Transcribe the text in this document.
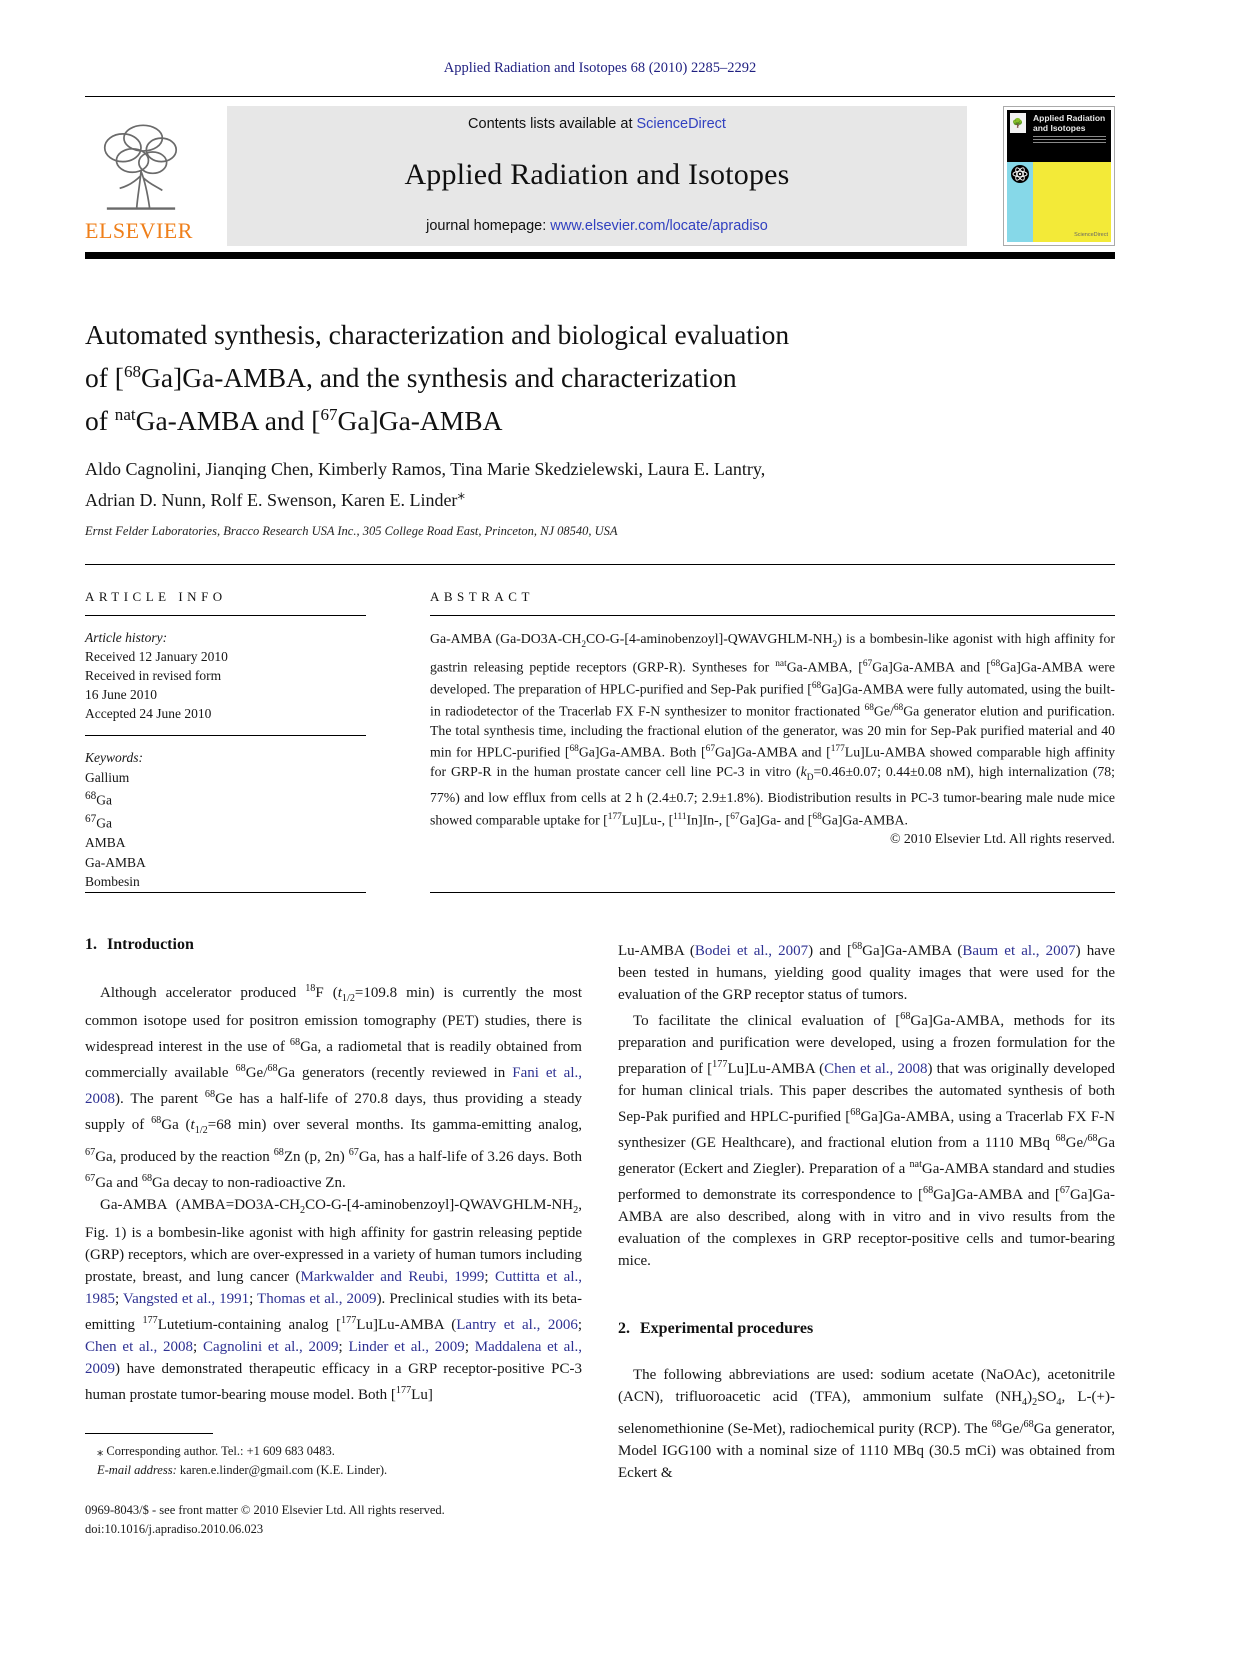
Applied Radiation and Isotopes 68 (2010) 2285–2292
ELSEVIER
Contents lists available at ScienceDirect
Applied Radiation and Isotopes
journal homepage: www.elsevier.com/locate/apradiso
🌳 Applied Radiation and Isotopes
ScienceDirect
Automated synthesis, characterization and biological evaluation
of [$^{68}$Ga]Ga-AMBA, and the synthesis and characterization
of $^{nat}$Ga-AMBA and [$^{67}$Ga]Ga-AMBA
Aldo Cagnolini, Jianqing Chen, Kimberly Ramos, Tina Marie Skedzielewski, Laura E. Lantry,
Adrian D. Nunn, Rolf E. Swenson, Karen E. Linder⁎
Ernst Felder Laboratories, Bracco Research USA Inc., 305 College Road East, Princeton, NJ 08540, USA
ARTICLE INFO
Article history:
Received 12 January 2010
Received in revised form
16 June 2010
Accepted 24 June 2010
Keywords:
Gallium
$^{68}$Ga
$^{67}$Ga
AMBA
Ga-AMBA
Bombesin
ABSTRACT
Ga-AMBA $(Ga-DO3A-CH_2CO-G-[4-aminobenzoyl]-QWAVGHLM-NH_2)$ is a bombesin-like agonist with high affinity for gastrin releasing peptide receptors (GRP-R). Syntheses for $^{nat}$Ga-AMBA, [$^{67}$Ga]Ga-AMBA and [$^{68}$Ga]Ga-AMBA were developed. The preparation of HPLC-purified and Sep-Pak purified [$^{68}$Ga]Ga-AMBA were fully automated, using the built-in radiodetector of the Tracerlab FX F-N synthesizer to monitor fractionated $^{68}$Ge/$^{68}$Ga generator elution and purification. The total synthesis time, including the fractional elution of the generator, was 20 min for Sep-Pak purified material and 40 min for HPLC-purified [$^{68}$Ga]Ga-AMBA. Both [$^{67}$Ga]Ga-AMBA and [$^{177}$Lu]Lu-AMBA showed comparable high affinity for GRP-R in the human prostate cancer cell line PC-3 in vitro ($k_D=0.46\pm 0.07$; 0.44±0.08 nM), high internalization (78; 77%) and low efflux from cells at 2 h (2.4±0.7; 2.9±1.8%). Biodistribution results in PC-3 tumor-bearing male nude mice showed comparable uptake for [$^{177}$Lu]Lu-, [$^{111}$In]In-, [$^{67}$Ga]Ga- and [$^{68}$Ga]Ga-AMBA.
© 2010 Elsevier Ltd. All rights reserved.
1. Introduction

Although accelerator produced $^{18}$F ($t_{1/2}=109.8$ min) is currently the most common isotope used for positron emission tomography (PET) studies, there is widespread interest in the use of $^{68}$Ga, a radiometal that is readily obtained from commercially available $^{68}$Ge/$^{68}$Ga generators (recently reviewed in Fani et al., 2008). The parent $^{68}$Ge has a half-life of 270.8 days, thus providing a steady supply of $^{68}$Ga ($t_{1/2}=68$ min) over several months. Its gamma-emitting analog, $^{67}$Ga, produced by the reaction $^{68}$Zn (p, 2n) $^{67}$Ga, has a half-life of 3.26 days. Both $^{67}$Ga and $^{68}$Ga decay to non-radioactive Zn.

Ga-AMBA ($AMBA=DO3A-CH_2CO-G-[4-aminobenzoyl]-QWAVGHLM-NH_2$, Fig. 1) is a bombesin-like agonist with high affinity for gastrin releasing peptide (GRP) receptors, which are over-expressed in a variety of human tumors including prostate, breast, and lung cancer (Markwalder and Reubi, 1999; Cuttitta et al., 1985; Vangsted et al., 1991; Thomas et al., 2009). Preclinical studies with its beta-emitting $^{177}$Lutetium-containing analog [$^{177}$Lu]Lu-AMBA (Lantry et al., 2006; Chen et al., 2008; Cagnolini et al., 2009; Linder et al., 2009; Maddalena et al., 2009) have demonstrated therapeutic efficacy in a GRP receptor-positive PC-3 human prostate tumor-bearing mouse model. Both [$^{177}$Lu]

⁎ Corresponding author. Tel.: +1 609 683 0483.
E-mail address: karen.e.linder@gmail.com (K.E. Linder).
0969-8043/$ - see front matter © 2010 Elsevier Ltd. All rights reserved.
doi:10.1016/j.apradiso.2010.06.023

Lu-AMBA (Bodei et al., 2007) and [$^{68}$Ga]Ga-AMBA (Baum et al., 2007) have been tested in humans, yielding good quality images that were used for the evaluation of the GRP receptor status of tumors.

To facilitate the clinical evaluation of [$^{68}$Ga]Ga-AMBA, methods for its preparation and purification were developed, using a frozen formulation for the preparation of [$^{177}$Lu]Lu-AMBA (Chen et al., 2008) that was originally developed for human clinical trials. This paper describes the automated synthesis of both Sep-Pak purified and HPLC-purified [$^{68}$Ga]Ga-AMBA, using a Tracerlab FX F-N synthesizer (GE Healthcare), and fractional elution from a 1110 MBq $^{68}$Ge/$^{68}$Ga generator (Eckert and Ziegler). Preparation of a $^{nat}$Ga-AMBA standard and studies performed to demonstrate its correspondence to [$^{68}$Ga]Ga-AMBA and [$^{67}$Ga]Ga-AMBA are also described, along with in vitro and in vivo results from the evaluation of the complexes in GRP receptor-positive cells and tumor-bearing mice.

2. Experimental procedures

The following abbreviations are used: sodium acetate (NaOAc), acetonitrile (ACN), trifluoroacetic acid (TFA), ammonium sulfate $(NH_4)_2SO_4$, L-(+)-selenomethionine (Se-Met), radiochemical purity (RCP). The $^{68}$Ge/$^{68}$Ga generator, Model IGG100 with a nominal size of 1110 MBq (30.5 mCi) was obtained from Eckert &
